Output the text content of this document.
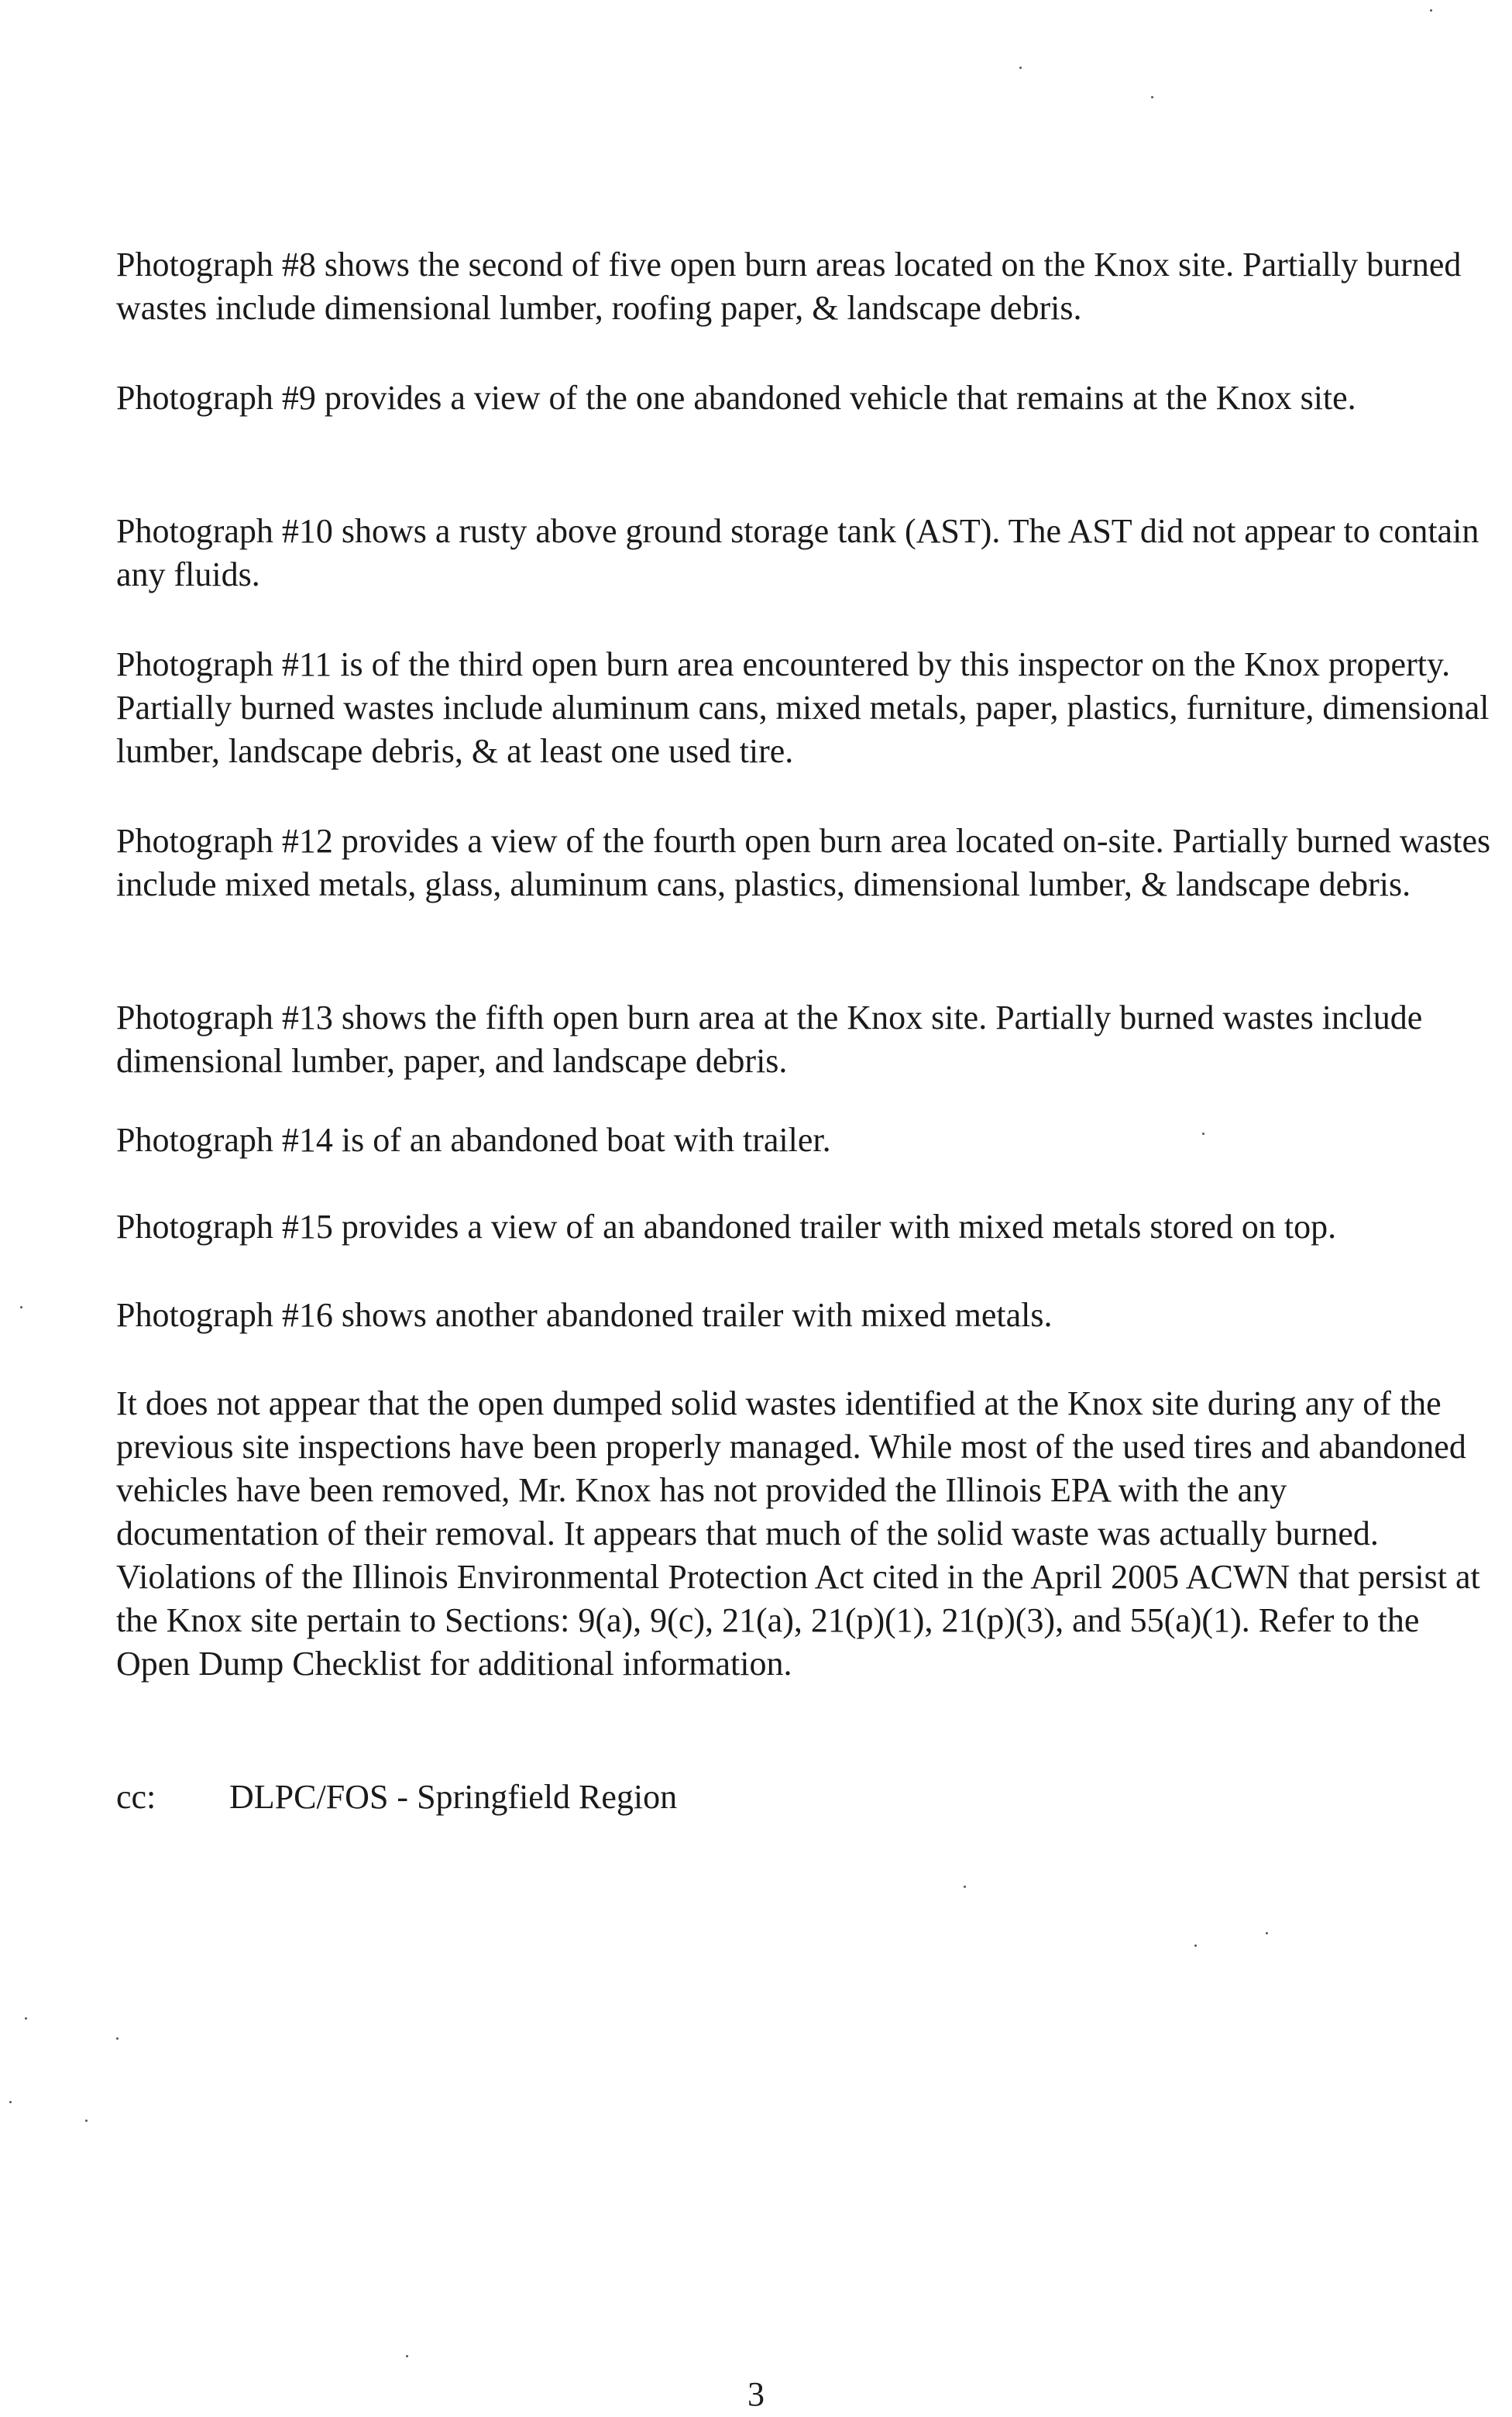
Photograph #8 shows the second of five open burn areas located on the Knox site. Partially burned wastes include dimensional lumber, roofing paper, & landscape debris.

Photograph #9 provides a view of the one abandoned vehicle that remains at the Knox site.

Photograph #10 shows a rusty above ground storage tank (AST). The AST did not appear to contain any fluids.

Photograph #11 is of the third open burn area encountered by this inspector on the Knox property. Partially burned wastes include aluminum cans, mixed metals, paper, plastics, furniture, dimensional lumber, landscape debris, & at least one used tire.

Photograph #12 provides a view of the fourth open burn area located on-site. Partially burned wastes include mixed metals, glass, aluminum cans, plastics, dimensional lumber, & landscape debris.

Photograph #13 shows the fifth open burn area at the Knox site. Partially burned wastes include dimensional lumber, paper, and landscape debris.

Photograph #14 is of an abandoned boat with trailer.

Photograph #15 provides a view of an abandoned trailer with mixed metals stored on top.

Photograph #16 shows another abandoned trailer with mixed metals.

It does not appear that the open dumped solid wastes identified at the Knox site during any of the previous site inspections have been properly managed. While most of the used tires and abandoned vehicles have been removed, Mr. Knox has not provided the Illinois EPA with the any documentation of their removal. It appears that much of the solid waste was actually burned. Violations of the Illinois Environmental Protection Act cited in the April 2005 ACWN that persist at the Knox site pertain to Sections: 9(a), 9(c), 21(a), 21(p)(1), 21(p)(3), and 55(a)(1). Refer to the Open Dump Checklist for additional information.

cc: DLPC/FOS - Springfield Region
3
